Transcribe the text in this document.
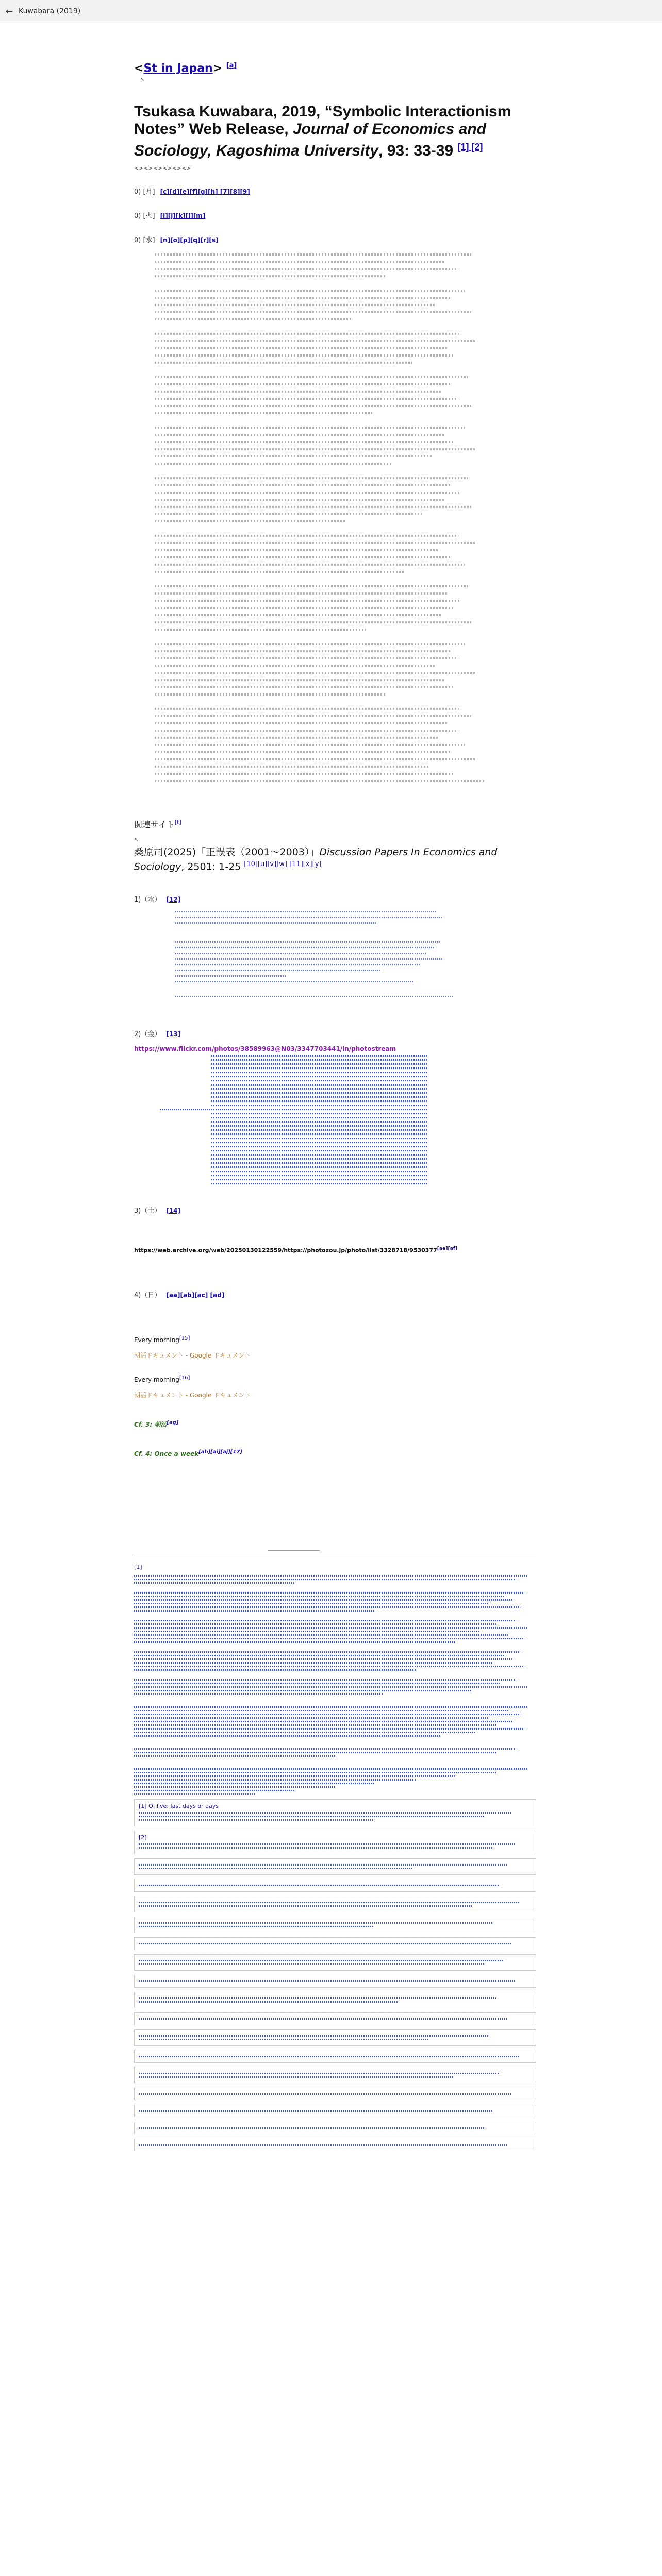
← Kuwabara (2019)
<St in Japan> [a]
↖
Tsukasa Kuwabara, 2019, “Symbolic Interactionism Notes” Web Release, Journal of Economics and Sociology, Kagoshima University, 93: 33-39 [1] [2]
<><><><><><>
0) [月] [c][d][e][f][g][h] [7][8][9]
0) [火] [i][j][k][l][m]
0) [水] [n][o][p][q][r][s]
関連サイト[t]
↖
桑原司(2025)「正誤表（2001〜2003）」Discussion Papers In Economics and Sociology, 2501: 1-25 [10][u][v][w] [11][x][y]
1)（水） [12]
2)（金） [13]
https://www.flickr.com/photos/38589963@N03/3347703441/in/photostream
3)（土） [14]
https://web.archive.org/web/20250130122559/https://photozou.jp/photo/list/3328718/9530377[ae][af]
4)（日） [aa][ab][ac] [ad]
Every morning[15]
朝活ドキュメント - Google ドキュメント
Every morning[16]
朝活ドキュメント - Google ドキュメント
Cf. 3: 朝活[ag]
Cf. 4: Once a week[ah][ai][aj][17]
[1]
[1] Q: live: last days or days
[2]
